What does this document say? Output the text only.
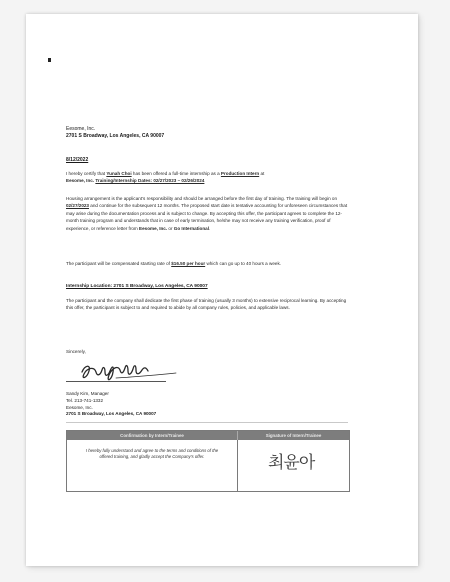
Eesome, Inc.
2701 S Broadway, Los Angeles, CA 90007
8/12/2022
I hereby certify that Yunah Choi has been offered a full-time internship as a Production Intern at
Eesome, Inc. Training/Internship Dates: 02/27/2023 – 02/26/2024
Housing arrangement is the applicant’s responsibility and should be arranged before the first day of training. The training will begin on 02/27/2023 and continue for the subsequent 12 months. The proposed start date is tentative accounting for unforeseen circumstances that may arise during the documentation process and is subject to change. By accepting this offer, the participant agrees to complete the 12-month training program and understands that in case of early termination, he/she may not receive any training verification, proof of experience, or reference letter from Eesome, Inc. or Go International.
The participant will be compensated starting rate of $16.50 per hour which can go up to 40 hours a week.
Internship Location: 2701 S Broadway, Los Angeles, CA 90007
The participant and the company shall dedicate the first phase of training (usually 3 months) to extensive reciprocal learning. By accepting this offer, the participant is subject to and required to abide by all company rules, policies, and applicable laws.
Sincerely,
Sandy Kim, Manager
Tel. 213-741-1332
Eesome, Inc.
2701 S Broadway, Los Angeles, CA 90007
Confirmation by Intern/Trainee	Signature of Intern/Trainee
I hereby fully understand and agree to the terms and conditions of the offered training, and gladly accept the Company’s offer.	최윤아
